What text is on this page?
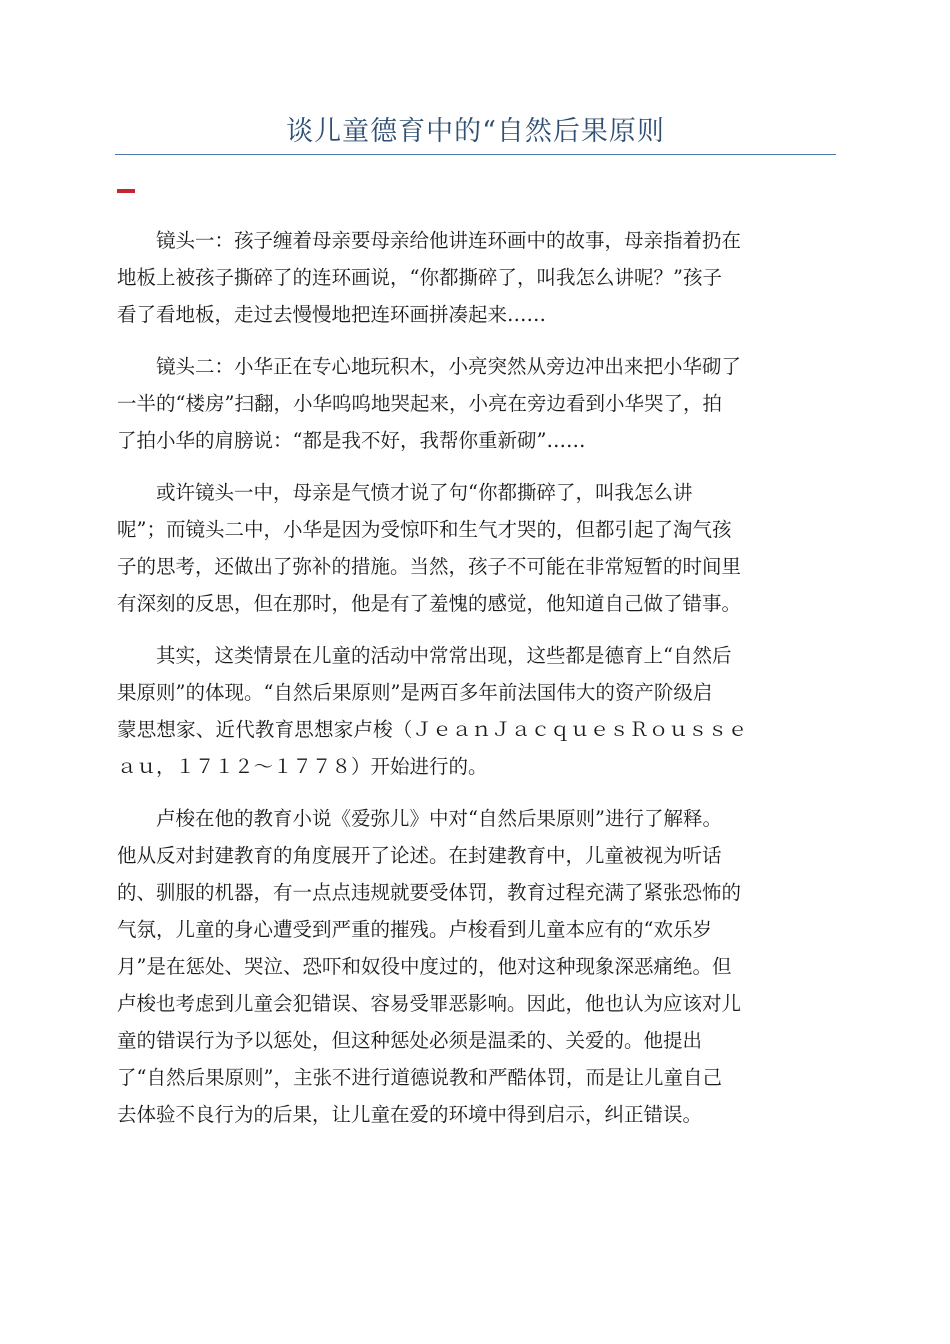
谈儿童德育中的“自然后果原则

镜头一：孩子缠着母亲要母亲给他讲连环画中的故事，母亲指着扔在
地板上被孩子撕碎了的连环画说，“你都撕碎了，叫我怎么讲呢？”孩子
看了看地板，走过去慢慢地把连环画拼凑起来……

镜头二：小华正在专心地玩积木，小亮突然从旁边冲出来把小华砌了
一半的“楼房”扫翻，小华呜呜地哭起来，小亮在旁边看到小华哭了，拍
了拍小华的肩膀说：“都是我不好，我帮你重新砌”……

或许镜头一中，母亲是气愤才说了句“你都撕碎了，叫我怎么讲
呢”；而镜头二中，小华是因为受惊吓和生气才哭的，但都引起了淘气孩
子的思考，还做出了弥补的措施。当然，孩子不可能在非常短暂的时间里
有深刻的反思，但在那时，他是有了羞愧的感觉，他知道自己做了错事。

其实，这类情景在儿童的活动中常常出现，这些都是德育上“自然后
果原则”的体现。“自然后果原则”是两百多年前法国伟大的资产阶级启
蒙思想家、近代教育思想家卢梭（ＪｅａｎＪａｃｑｕｅｓＲｏｕｓｓｅ
ａｕ，１７１２～１７７８）开始进行的。

卢梭在他的教育小说《爱弥儿》中对“自然后果原则”进行了解释。
他从反对封建教育的角度展开了论述。在封建教育中，儿童被视为听话
的、驯服的机器，有一点点违规就要受体罚，教育过程充满了紧张恐怖的
气氛，儿童的身心遭受到严重的摧残。卢梭看到儿童本应有的“欢乐岁
月”是在惩处、哭泣、恐吓和奴役中度过的，他对这种现象深恶痛绝。但
卢梭也考虑到儿童会犯错误、容易受罪恶影响。因此，他也认为应该对儿
童的错误行为予以惩处，但这种惩处必须是温柔的、关爱的。他提出
了“自然后果原则”，主张不进行道德说教和严酷体罚，而是让儿童自己
去体验不良行为的后果，让儿童在爱的环境中得到启示，纠正错误。
